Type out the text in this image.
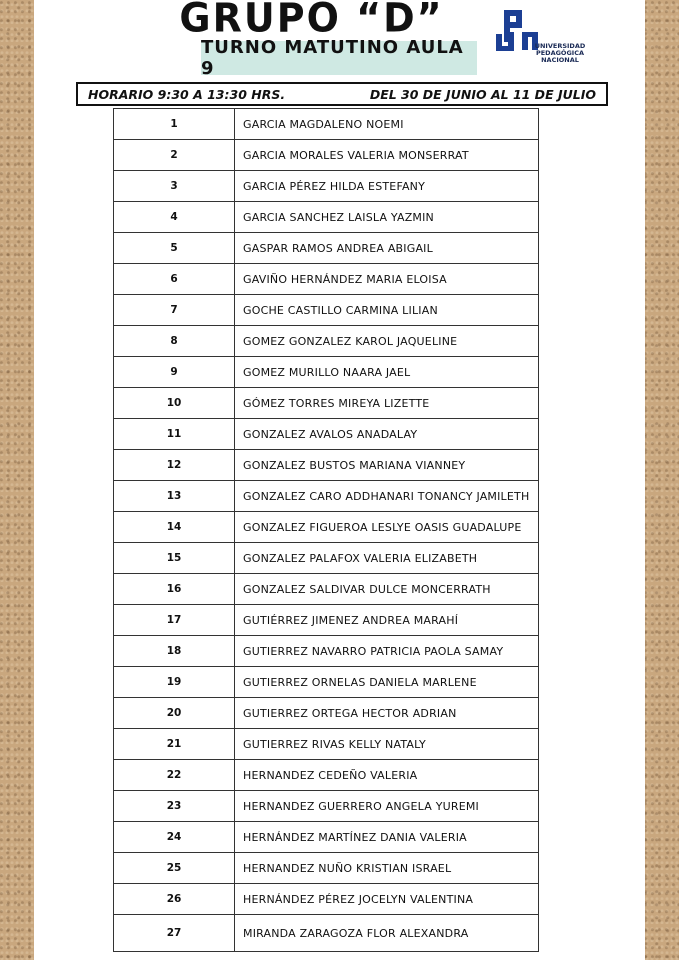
GRUPO “D”
TURNO MATUTINO AULA 9
UNIVERSIDAD
PEDAGÓGICA
NACIONAL
HORARIO 9:30 A 13:30 HRS.	DEL 30 DE JUNIO AL 11 DE JULIO
1	GARCIA MAGDALENO NOEMI
2	GARCIA MORALES VALERIA MONSERRAT
3	GARCIA PÉREZ HILDA ESTEFANY
4	GARCIA SANCHEZ LAISLA YAZMIN
5	GASPAR RAMOS ANDREA ABIGAIL
6	GAVIÑO HERNÁNDEZ MARIA ELOISA
7	GOCHE CASTILLO CARMINA LILIAN
8	GOMEZ GONZALEZ KAROL JAQUELINE
9	GOMEZ MURILLO NAARA JAEL
10	GÓMEZ TORRES MIREYA LIZETTE
11	GONZALEZ AVALOS ANADALAY
12	GONZALEZ BUSTOS MARIANA VIANNEY
13	GONZALEZ CARO ADDHANARI TONANCY JAMILETH
14	GONZALEZ FIGUEROA LESLYE OASIS GUADALUPE
15	GONZALEZ PALAFOX VALERIA ELIZABETH
16	GONZALEZ SALDIVAR DULCE MONCERRATH
17	GUTIÉRREZ JIMENEZ ANDREA MARAHÍ
18	GUTIERREZ NAVARRO PATRICIA PAOLA SAMAY
19	GUTIERREZ ORNELAS DANIELA MARLENE
20	GUTIERREZ ORTEGA HECTOR ADRIAN
21	GUTIERREZ RIVAS KELLY NATALY
22	HERNANDEZ CEDEÑO VALERIA
23	HERNANDEZ GUERRERO ANGELA YUREMI
24	HERNÁNDEZ MARTÍNEZ DANIA VALERIA
25	HERNANDEZ NUÑO KRISTIAN ISRAEL
26	HERNÁNDEZ PÉREZ JOCELYN VALENTINA
27	MIRANDA ZARAGOZA FLOR ALEXANDRA
